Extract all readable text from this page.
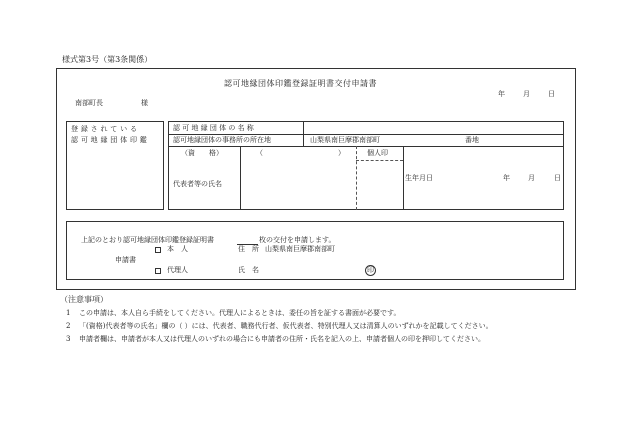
様式第3号（第3条関係）
認可地縁団体印鑑登録証明書交付申請書
年	月	日
南部町長	様
登 録 さ れ て い る
認 可 地 縁 団 体 印 鑑
認 可 地 縁 団 体 の 名 称
認可地縁団体の事務所の所在地	山梨県南巨摩郡南部町	番地
（資　　格）	（	）	個人印
代表者等の氏名
生年月日	年	月	日
上記のとおり認可地縁団体印鑑登録証明書	枚の交付を申請します。
本　人	住　所 山梨県南巨摩郡南部町
申請書
代理人	氏　名	印
（注意事項）
1 この申請は、本人自ら手続をしてください。代理人によるときは、委任の旨を証する書面が必要です。
2 「(資格)代表者等の氏名」欄の（ ）には、代表者、職務代行者、仮代表者、特別代理人又は清算人のいずれかを記載してください。
3 申請者欄は、申請者が本人又は代理人のいずれの場合にも申請者の住所・氏名を記入の上、申請者個人の印を押印してください。
